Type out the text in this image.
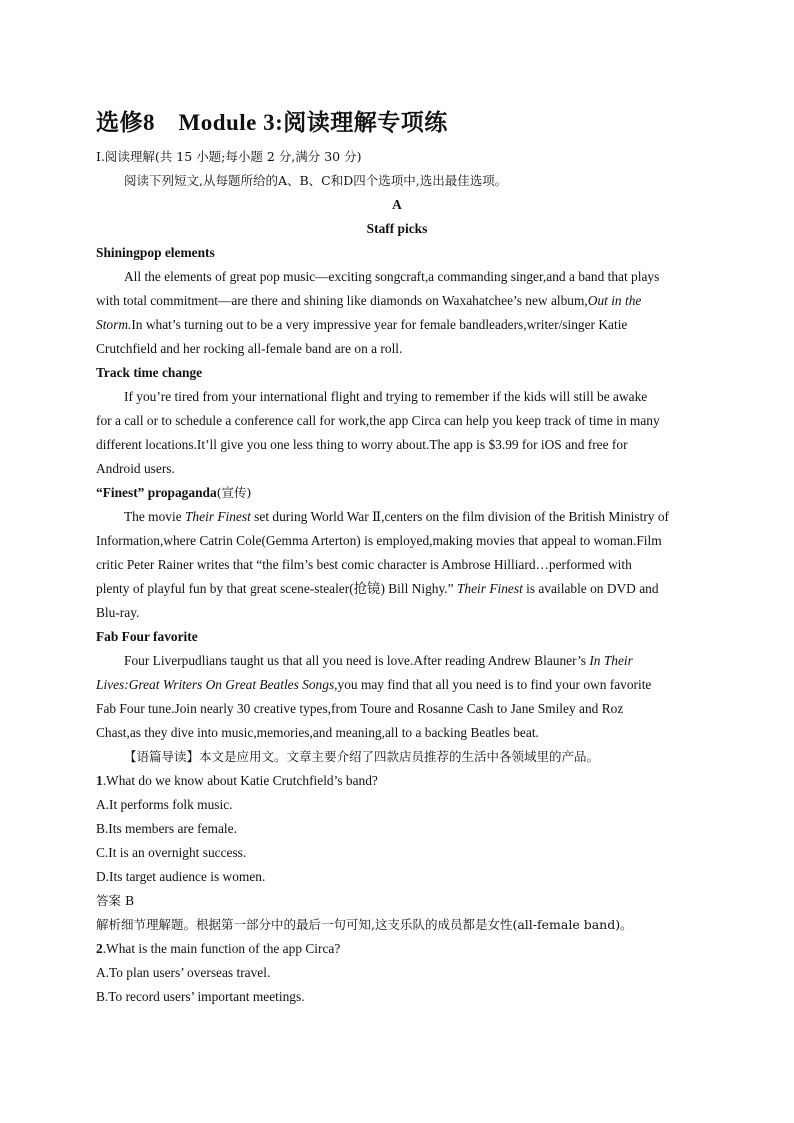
选修8　Module 3:阅读理解专项练
Ⅰ.阅读理解(共 15 小题;每小题 2 分,满分 30 分)
阅读下列短文,从每题所给的A、B、C和D四个选项中,选出最佳选项。
A
Staff picks
Shiningpop elements
All the elements of great pop music—exciting songcraft,a commanding singer,and a band that plays
with total commitment—are there and shining like diamonds on Waxahatchee’s new album,Out in the
Storm.In what’s turning out to be a very impressive year for female bandleaders,writer/singer Katie
Crutchfield and her rocking all-female band are on a roll.
Track time change
If you’re tired from your international flight and trying to remember if the kids will still be awake
for a call or to schedule a conference call for work,the app Circa can help you keep track of time in many
different locations.It’ll give you one less thing to worry about.The app is $3.99 for iOS and free for
Android users.
“Finest” propaganda(宣传)
The movie Their Finest set during World War Ⅱ,centers on the film division of the British Ministry of
Information,where Catrin Cole(Gemma Arterton) is employed,making movies that appeal to woman.Film
critic Peter Rainer writes that “the film’s best comic character is Ambrose Hilliard…performed with
plenty of playful fun by that great scene-stealer(抢镜) Bill Nighy.” Their Finest is available on DVD and
Blu-ray.
Fab Four favorite
Four Liverpudlians taught us that all you need is love.After reading Andrew Blauner’s In Their
Lives:Great Writers On Great Beatles Songs,you may find that all you need is to find your own favorite
Fab Four tune.Join nearly 30 creative types,from Toure and Rosanne Cash to Jane Smiley and Roz
Chast,as they dive into music,memories,and meaning,all to a backing Beatles beat.
【语篇导读】本文是应用文。文章主要介绍了四款店员推荐的生活中各领域里的产品。
1.What do we know about Katie Crutchfield’s band?
A.It performs folk music.
B.Its members are female.
C.It is an overnight success.
D.Its target audience is women.
答案 B
解析细节理解题。根据第一部分中的最后一句可知,这支乐队的成员都是女性(all-female band)。
2.What is the main function of the app Circa?
A.To plan users’ overseas travel.
B.To record users’ important meetings.
